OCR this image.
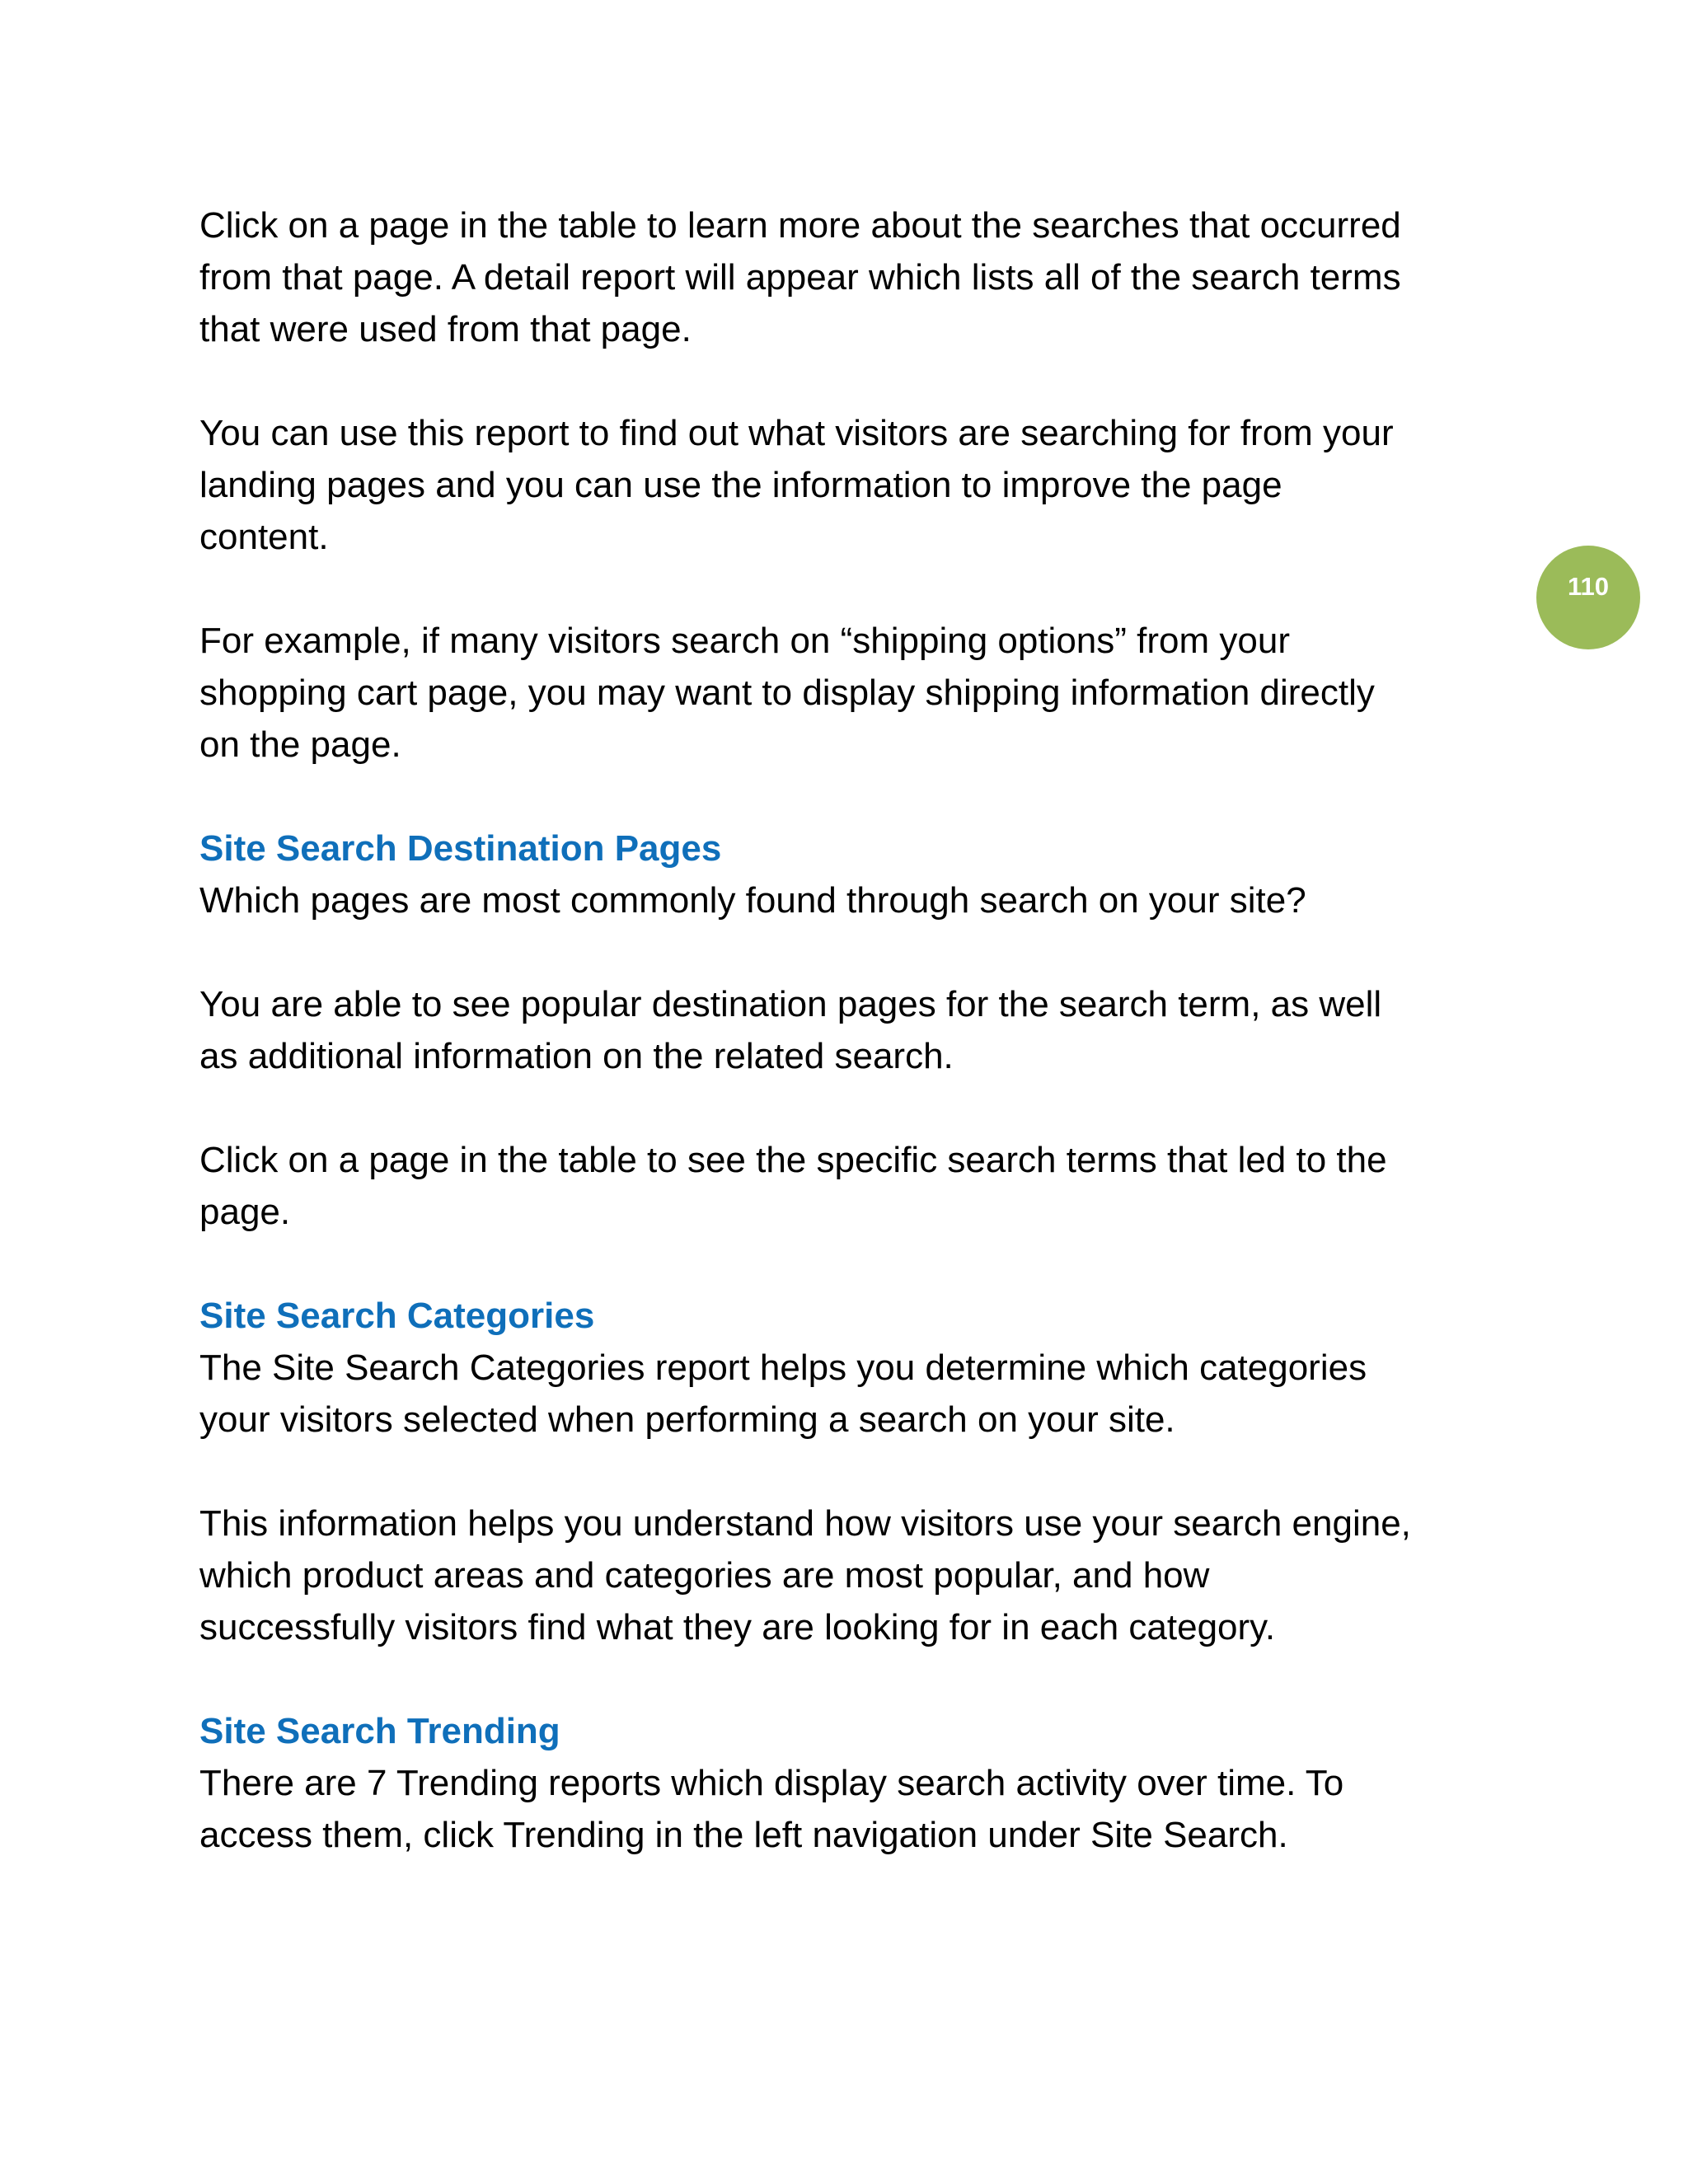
Click on a page in the table to learn more about the searches that occurred
from that page. A detail report will appear which lists all of the search terms
that were used from that page.

You can use this report to find out what visitors are searching for from your
landing pages and you can use the information to improve the page
content.

For example, if many visitors search on “shipping options” from your
shopping cart page, you may want to display shipping information directly
on the page.

Site Search Destination Pages

Which pages are most commonly found through search on your site?

You are able to see popular destination pages for the search term, as well
as additional information on the related search.

Click on a page in the table to see the specific search terms that led to the
page.

Site Search Categories

The Site Search Categories report helps you determine which categories
your visitors selected when performing a search on your site.

This information helps you understand how visitors use your search engine,
which product areas and categories are most popular, and how
successfully visitors find what they are looking for in each category.

Site Search Trending

There are 7 Trending reports which display search activity over time. To
access them, click Trending in the left navigation under Site Search.

110
